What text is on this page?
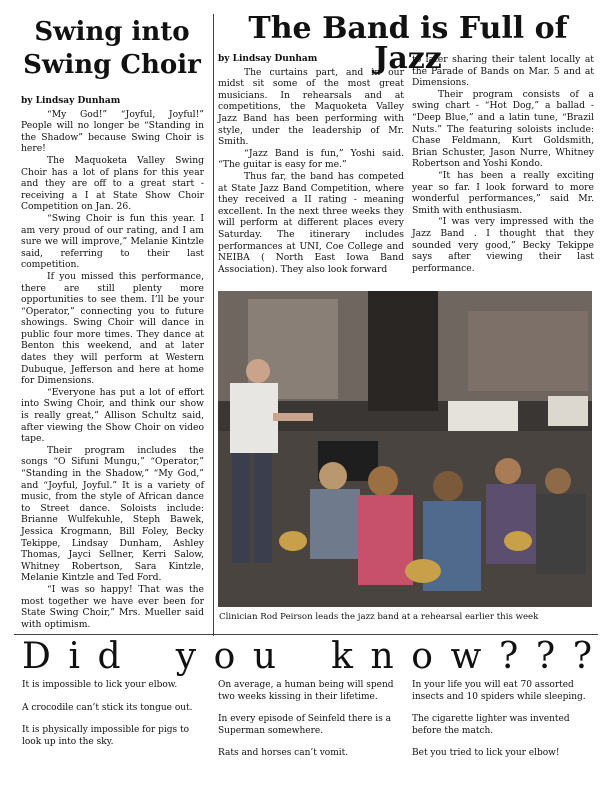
Swing into
Swing Choir
The Band is Full of Jazz
by Lindsay Dunham

“My God!” “Joyful, Joyful!” People will no longer be “Standing in the Shadow” because Swing Choir is here!

The Maquoketa Valley Swing Choir has a lot of plans for this year and they are off to a great start - receiving a I at State Show Choir Competition on Jan. 26.

“Swing Choir is fun this year. I am very proud of our rating, and I am sure we will improve,” Melanie Kintzle said, referring to their last competition.

If you missed this performance, there are still plenty more opportunities to see them. I’ll be your “Operator,” connecting you to future showings. Swing Choir will dance in public four more times. They dance at Benton this weekend, and at later dates they will perform at Western Dubuque, Jefferson and here at home for Dimensions.

“Everyone has put a lot of effort into Swing Choir, and think our show is really great,” Allison Schultz said, after viewing the Show Choir on video tape.

Their program includes the songs “O Sifuni Mungu,” “Operator,” “Standing in the Shadow,” “My God,” and “Joyful, Joyful.” It is a variety of music, from the style of African dance to Street dance. Soloists include: Brianne Wulfekuhle, Steph Bawek, Jessica Krogmann, Bill Foley, Becky Tekippe, Lindsay Dunham, Ashley Thomas, Jayci Sellner, Kerri Salow, Whitney Robertson, Sara Kintzle, Melanie Kintzle and Ted Ford.

“I was so happy! That was the most together we have ever been for State Swing Choir,” Mrs. Mueller said with optimism.

by Lindsay Dunham

The curtains part, and in our midst sit some of the most great musicians. In rehearsals and at competitions, the Maquoketa Valley Jazz Band has been performing with style, under the leadership of Mr. Smith.

“Jazz Band is fun,” Yoshi said. “The guitar is easy for me.”

Thus far, the band has competed at State Jazz Band Competition, where they received a II rating - meaning excellent. In the next three weeks they will perform at different places every Saturday. The itinerary includes performances at UNI, Coe College and NEIBA ( North East Iowa Band Association). They also look forward

to later sharing their talent locally at the Parade of Bands on Mar. 5 and at Dimensions.

Their program consists of a swing chart - “Hot Dog,” a ballad - “Deep Blue,” and a latin tune, “Brazil Nuts.” The featuring soloists include: Chase Feldmann, Kurt Goldsmith, Brian Schuster, Jason Nurre, Whitney Robertson and Yoshi Kondo.

“It has been a really exciting year so far. I look forward to more wonderful performances,” said Mr. Smith with enthusiasm.

“I was very impressed with the Jazz Band . I thought that they sounded very good,” Becky Tekippe says after viewing their last performance.

Clinician Rod Peirson leads the jazz band at a rehearsal earlier this week
D i d y o u k n o w ? ? ?

It is impossible to lick your elbow.

A crocodile can’t stick its tongue out.

It is physically impossible for pigs to look up into the sky.

On average, a human being will spend two weeks kissing in their lifetime.

In every episode of Seinfeld there is a Superman somewhere.

Rats and horses can’t vomit.

In your life you will eat 70 assorted insects and 10 spiders while sleeping.

The cigarette lighter was invented before the match.

Bet you tried to lick your elbow!
